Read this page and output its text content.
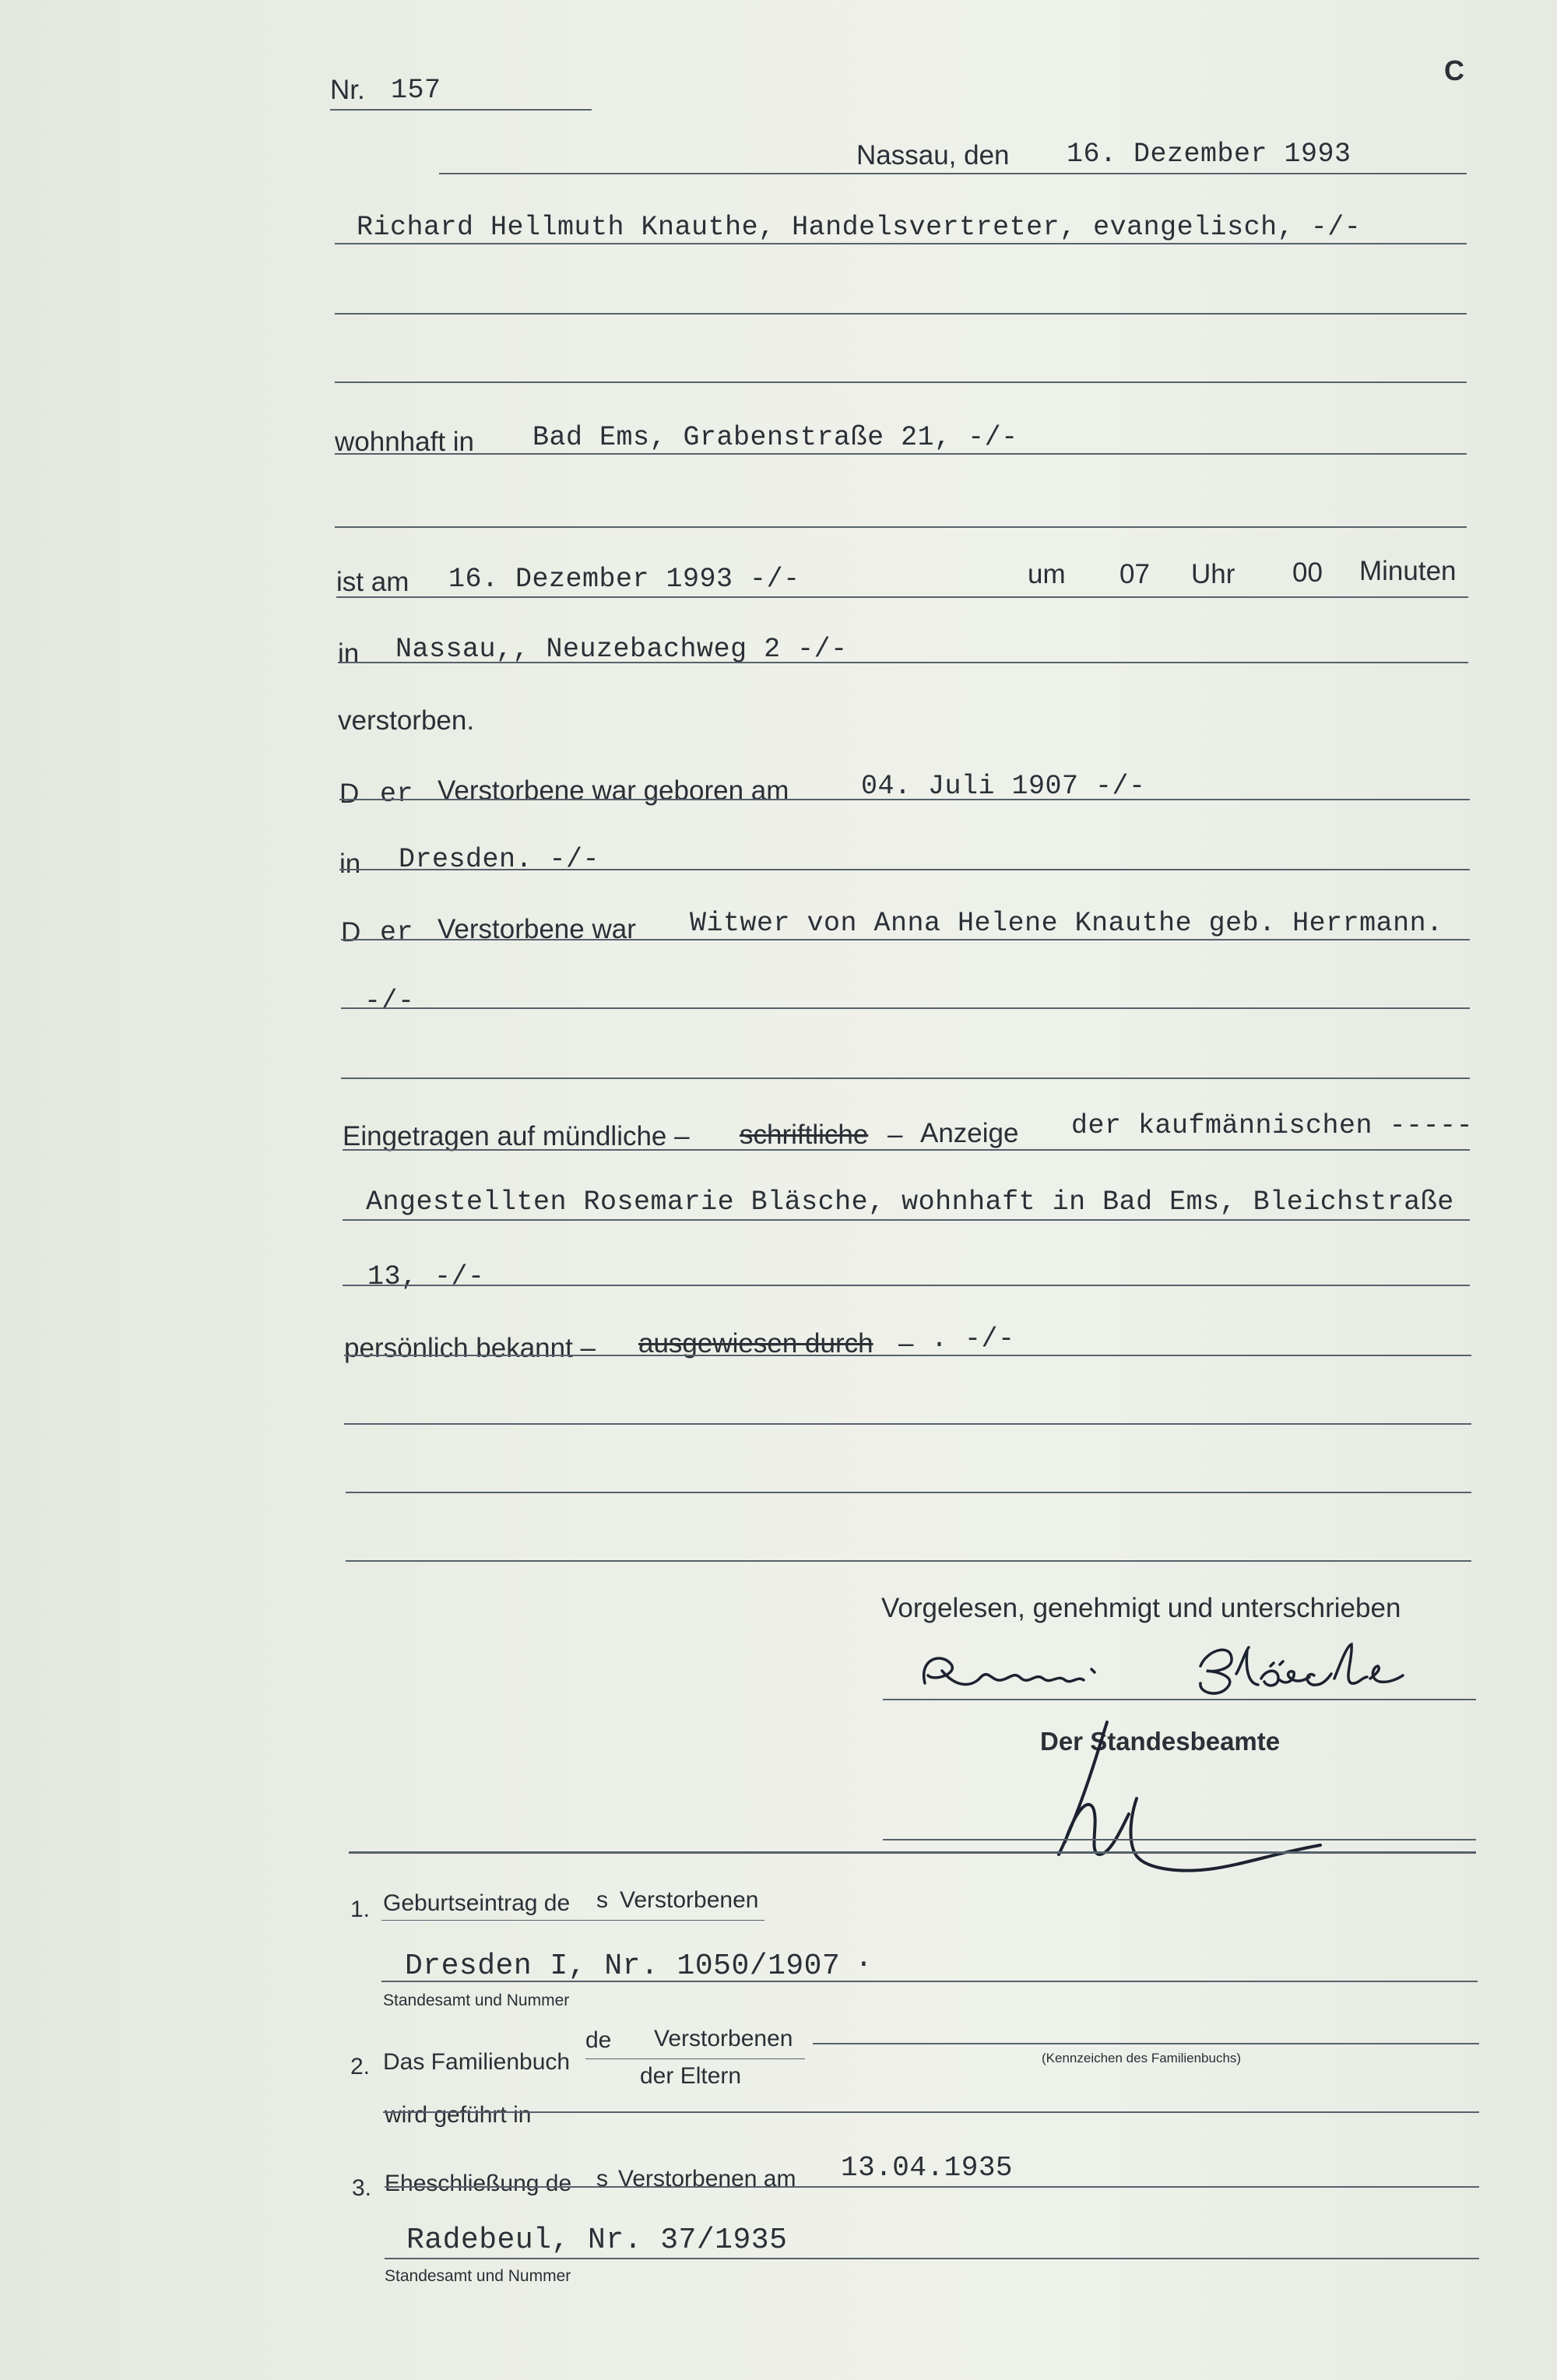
C
Nr. 157
Nassau, den 16. Dezember 1993
Richard Hellmuth Knauthe, Handelsvertreter, evangelisch, -/-
wohnhaft in Bad Ems, Grabenstraße 21, -/-
ist am 16. Dezember 1993 -/-	um 07 Uhr 00 Minuten
in Nassau,, Neuzebachweg 2 -/-
verstorben.
D er Verstorbene war geboren am	04. Juli 1907 -/-
in Dresden. -/-
D er Verstorbene war Witwer von Anna Helene Knauthe geb. Herrmann.
-/-
Eingetragen auf mündliche – schriftliche – Anzeige der kaufmännischen -----
Angestellten Rosemarie Bläsche, wohnhaft in Bad Ems, Bleichstraße
13, -/-
persönlich bekannt – ausgewiesen durch – . -/-
Vorgelesen, genehmigt und unterschrieben
Der Standesbeamte
1. Geburtseintrag de s Verstorbenen
Dresden I, Nr. 1050/1907 .
Standesamt und Nummer
2. Das Familienbuch
de Verstorbenen
der Eltern
(Kennzeichen des Familienbuchs)
wird geführt in
3. Eheschließung de s Verstorbenen am 13.04.1935
Radebeul, Nr. 37/1935
Standesamt und Nummer
